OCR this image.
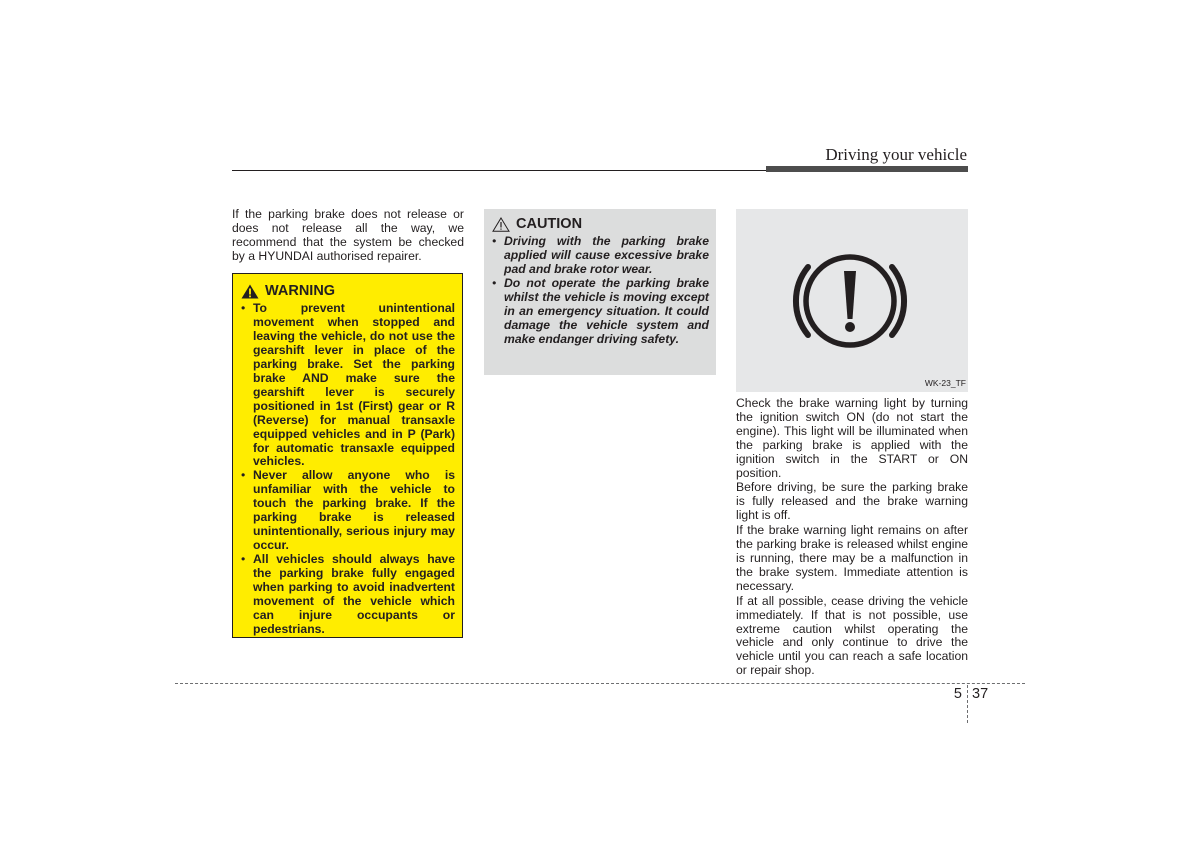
Driving your vehicle
If the parking brake does not release or does not release all the way, we recommend that the system be checked by a HYUNDAI authorised repairer.
WARNING
• To prevent unintentional movement when stopped and leaving the vehicle, do not use the gearshift lever in place of the parking brake. Set the parking brake AND make sure the gearshift lever is securely positioned in 1st (First) gear or R (Reverse) for manual transaxle equipped vehicles and in P (Park) for automatic transaxle equipped vehicles.
• Never allow anyone who is unfamiliar with the vehicle to touch the parking brake. If the parking brake is released unintentionally, serious injury may occur.
• All vehicles should always have the parking brake fully engaged when parking to avoid inadvertent movement of the vehicle which can injure occupants or pedestrians.
CAUTION
• Driving with the parking brake applied will cause excessive brake pad and brake rotor wear.
• Do not operate the parking brake whilst the vehicle is moving except in an emergency situation. It could damage the vehicle system and make endanger driving safety.
WK-23_TF

Check the brake warning light by turning the ignition switch ON (do not start the engine). This light will be illuminated when the parking brake is applied with the ignition switch in the START or ON position.

Before driving, be sure the parking brake is fully released and the brake warning light is off.

If the brake warning light remains on after the parking brake is released whilst engine is running, there may be a malfunction in the brake system. Immediate attention is necessary.

If at all possible, cease driving the vehicle immediately. If that is not possible, use extreme caution whilst operating the vehicle and only continue to drive the vehicle until you can reach a safe location or repair shop.

5 37
